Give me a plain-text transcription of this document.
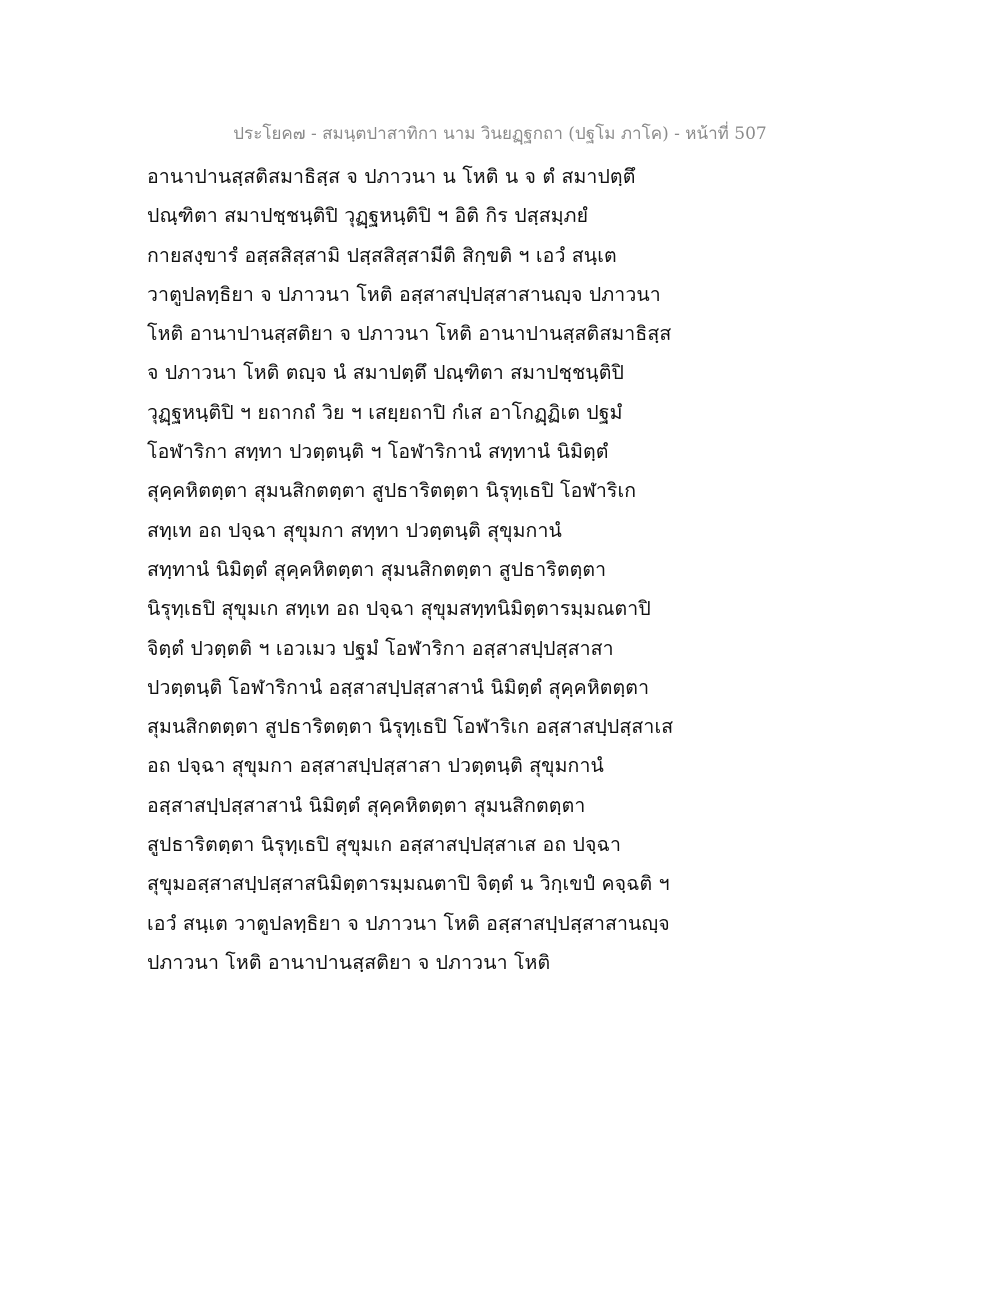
ประโยค๗ - สมนฺตปาสาทิกา นาม วินยฏฺฐกถา (ปฐโม ภาโค) - หน้าที่ 507
อานาปานสฺสติสมาธิสฺส จ ปภาวนา น โหติ น จ ตํ สมาปตฺตึ
ปณฺฑิตา สมาปชฺชนฺติปิ วุฏฺฐหนฺติปิ ฯ อิติ กิร ปสฺสมฺภยํ
กายสงฺขารํ อสฺสสิสฺสามิ ปสฺสสิสฺสามีติ สิกฺขติ ฯ เอวํ สนฺเต
วาตูปลทฺธิยา จ ปภาวนา โหติ อสฺสาสปฺปสฺสาสานญฺจ ปภาวนา
โหติ อานาปานสฺสติยา จ ปภาวนา โหติ อานาปานสฺสติสมาธิสฺส
จ ปภาวนา โหติ ตญฺจ นํ สมาปตฺตึ ปณฺฑิตา สมาปชฺชนฺติปิ
วุฏฺฐหนฺติปิ ฯ ยถากถํ วิย ฯ เสยฺยถาปิ กํเส อาโกฏฺฏิเต ปฐมํ
โอฬาริกา สทฺทา ปวตฺตนฺติ ฯ โอฬาริกานํ สทฺทานํ นิมิตฺตํ
สุคฺคหิตตฺตา สุมนสิกตตฺตา สูปธาริตตฺตา นิรุทฺเธปิ โอฬาริเก
สทฺเท อถ ปจฺฉา สุขุมกา สทฺทา ปวตฺตนฺติ สุขุมกานํ
สทฺทานํ นิมิตฺตํ สุคฺคหิตตฺตา สุมนสิกตตฺตา สูปธาริตตฺตา
นิรุทฺเธปิ สุขุมเก สทฺเท อถ ปจฺฉา สุขุมสทฺทนิมิตฺตารมฺมณตาปิ
จิตฺตํ ปวตฺตติ ฯ เอวเมว ปฐมํ โอฬาริกา อสฺสาสปฺปสฺสาสา
ปวตฺตนฺติ โอฬาริกานํ อสฺสาสปฺปสฺสาสานํ นิมิตฺตํ สุคฺคหิตตฺตา
สุมนสิกตตฺตา สูปธาริตตฺตา นิรุทฺเธปิ โอฬาริเก อสฺสาสปฺปสฺสาเส
อถ ปจฺฉา สุขุมกา อสฺสาสปฺปสฺสาสา ปวตฺตนฺติ สุขุมกานํ
อสฺสาสปฺปสฺสาสานํ นิมิตฺตํ สุคฺคหิตตฺตา สุมนสิกตตฺตา
สูปธาริตตฺตา นิรุทฺเธปิ สุขุมเก อสฺสาสปฺปสฺสาเส อถ ปจฺฉา
สุขุมอสฺสาสปฺปสฺสาสนิมิตฺตารมฺมณตาปิ จิตฺตํ น วิกฺเขปํ คจฺฉติ ฯ
เอวํ สนฺเต วาตูปลทฺธิยา จ ปภาวนา โหติ อสฺสาสปฺปสฺสาสานญฺจ
ปภาวนา โหติ อานาปานสฺสติยา จ ปภาวนา โหติ
